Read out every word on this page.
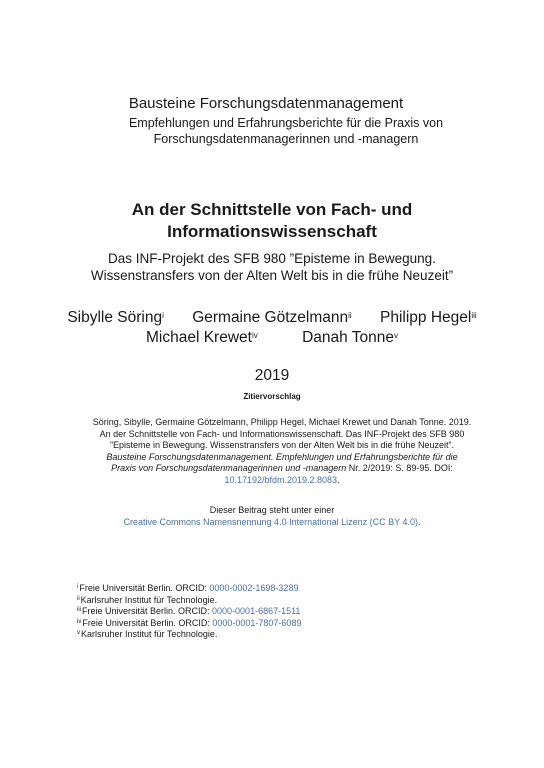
Bausteine Forschungsdatenmanagement
Empfehlungen und Erfahrungsberichte für die Praxis von
Forschungsdatenmanagerinnen und -managern
An der Schnittstelle von Fach- und
Informationswissenschaft
Das INF-Projekt des SFB 980 ”Episteme in Bewegung.
Wissenstransfers von der Alten Welt bis in die frühe Neuzeit”
Sibylle Söring$^i$ Germaine Götzelmann$^{ii}$ Philipp Hegel$^{iii}$
Michael Krewet$^{iv}$	Danah Tonne$^v$
2019
Zitiervorschlag
Söring, Sibylle, Germaine Götzelmann, Philipp Hegel, Michael Krewet und Danah Tonne. 2019.
An der Schnittstelle von Fach- und Informationswissenschaft. Das INF-Projekt des SFB 980
”Episteme in Bewegung. Wissenstransfers von der Alten Welt bis in die frühe Neuzeit”.
Bausteine Forschungsdatenmanagement. Empfehlungen und Erfahrungsberichte für die
Praxis von Forschungsdatenmanagerinnen und -managern Nr. 2/2019: S. 89-95. DOI:
10.17192/bfdm.2019.2.8083.
Dieser Beitrag steht unter einer
Creative Commons Namensnennung 4.0 International Lizenz (CC BY 4.0).
$^i$Freie Universität Berlin. ORCID: 0000-0002-1698-3289
$^{ii}$Karlsruher Institut für Technologie.
$^{iii}$Freie Universität Berlin. ORCID: 0000-0001-6867-1511
$^{iv}$Freie Universität Berlin. ORCID: 0000-0001-7807-6089
$^v$Karlsruher Institut für Technologie.
